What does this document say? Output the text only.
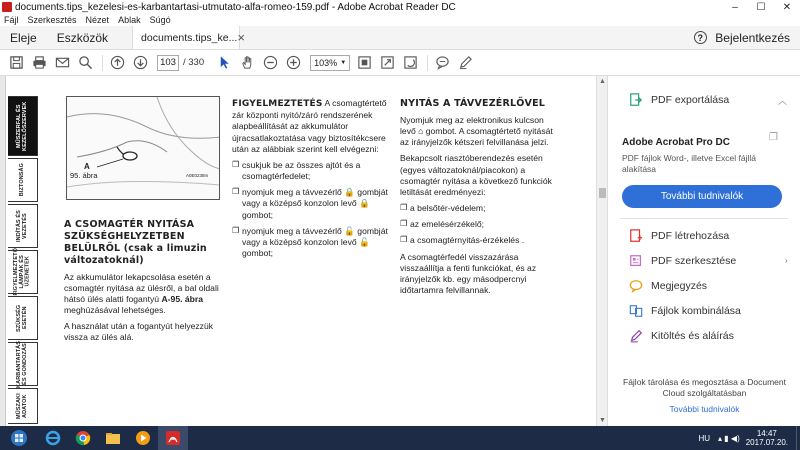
documents.tips_kezelesi-es-karbantartasi-utmutato-alfa-romeo-159.pdf - Adobe Acrobat Reader DC	–	☐	✕
Fájl Szerkesztés Nézet Ablak Súgó
Eleje	Eszközök	documents.tips_ke... ×	?	Bejelentkezés
103 / 330	103% ▼
MŰSZERFAL ÉS KEZELŐSZERVEK
BIZTONSÁG
INDÍTÁS ÉS VEZETÉS
FIGYELMEZTETŐ LÁMPÁK ÉS ÜZENETEK
SZÜKSÉG ESETÉN
KARBANTARTÁS ÉS GONDOZÁS
MŰSZAKI ADATOK
A
95. ábra	A0E0238m
A CSOMAGTÉR NYITÁSA SZÜKSÉGHELYZETBEN BELÜLRŐL (csak a limuzin változatoknál)

Az akkumulátor lekapcsolása esetén a csomagtér nyitása az ülésről, a bal oldali hátsó ülés alatti fogantyú A-95. ábra meghúzásával lehetséges.

A használat után a fogantyút helyezzük vissza az ülés alá.

FIGYELMEZTETÉS A csomagtértető zár központi nyitó/záró rendszerének alapbeállítását az akkumulátor újracsatlakoztatása vagy biztosítékcsere után az alábbiak szerint kell elvégezni:

❐ csukjuk be az összes ajtót és a csomagtérfedelet;
❐ nyomjuk meg a távvezérlő 🔒 gombját vagy a középső konzolon levő 🔒 gombot;
❐ nyomjuk meg a távvezérlő 🔓 gombját vagy a középső konzolon levő 🔓 gombot;
NYITÁS A TÁVVEZÉRLŐVEL

Nyomjuk meg az elektronikus kulcson levő ⌂ gombot. A csomagtértető nyitását az irányjelzők kétszeri felvillanása jelzi.

Bekapcsolt riasztóberendezés esetén (egyes változatoknál/piacokon) a csomagtér nyitása a következő funkciók letiltását eredményezi:

❐ a belsőtér-védelem;
❐ az emelésérzékelő;
❐ a csomagtérnyitás-érzékelés .

A csomagtérfedél visszazárása visszaállítja a fenti funkciókat, és az irányjelzők kb. egy másodpercnyi időtartamra felvillannak.

▲
▼
PDF exportálása	︿
Adobe Acrobat Pro DC	❐
PDF fájlok Word-, illetve Excel fájllá alakítása
További tudnivalók
PDF létrehozása
PDF szerkesztése
Megjegyzés
Fájlok kombinálása
Kitöltés és aláírás
Fájlok tárolása és megosztása a Document Cloud szolgáltatásban
További tudnivalók
›
HU ▴ ▮ ◀)
14:47
2017.07.20.
